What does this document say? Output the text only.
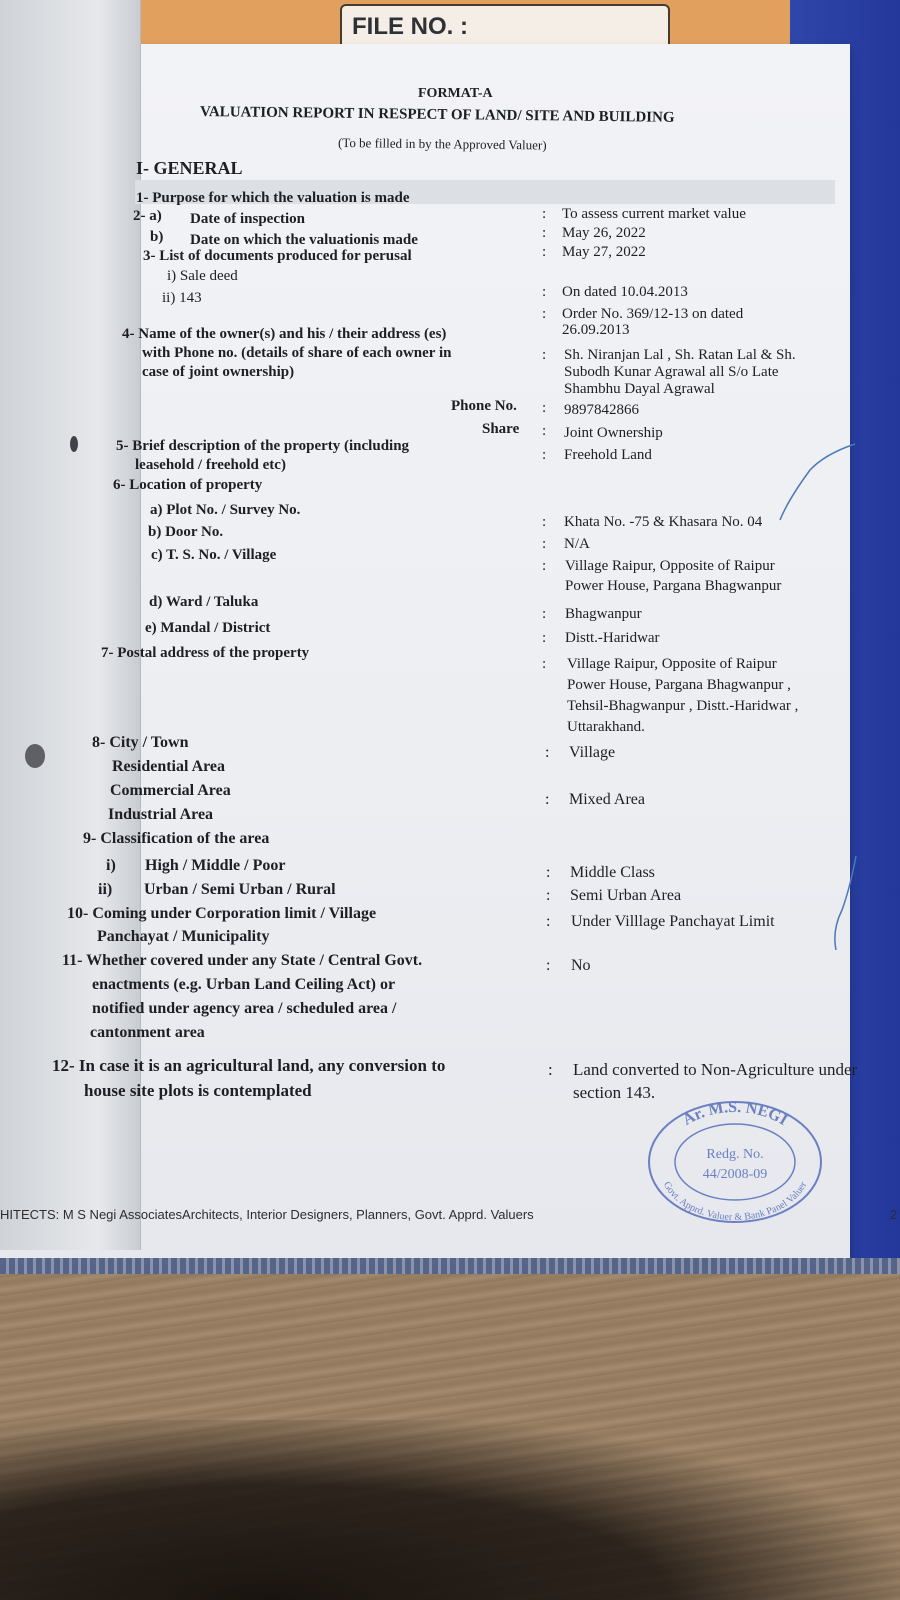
FILE NO. :
FORMAT-A
VALUATION REPORT IN RESPECT OF LAND/ SITE AND BUILDING
(To be filled in by the Approved Valuer)
I- GENERAL
1- Purpose for which the valuation is made
: To assess current market value
2- a) Date of inspection
: May 26, 2022
b) Date on which the valuationis made
: May 27, 2022
3- List of documents produced for perusal
i) Sale deed
: On dated 10.04.2013
ii) 143
: Order No. 369/12-13 on dated
26.09.2013
4- Name of the owner(s) and his / their address (es)
with Phone no. (details of share of each owner in
case of joint ownership)
: Sh. Niranjan Lal , Sh. Ratan Lal & Sh.
Subodh Kunar Agrawal all S/o Late
Shambhu Dayal Agrawal
Phone No. : 9897842866
Share : Joint Ownership
5- Brief description of the property (including
leasehold / freehold etc)
: Freehold Land
6- Location of property
a) Plot No. / Survey No.
: Khata No. -75 & Khasara No. 04
b) Door No.
: N/A
c) T. S. No. / Village
: Village Raipur, Opposite of Raipur
Power House, Pargana Bhagwanpur
d) Ward / Taluka
: Bhagwanpur
e) Mandal / District
: Distt.-Haridwar
7- Postal address of the property
: Village Raipur, Opposite of Raipur
Power House, Pargana Bhagwanpur ,
Tehsil-Bhagwanpur , Distt.-Haridwar ,
Uttarakhand.
8- City / Town
: Village
Residential Area
Commercial Area
: Mixed Area
Industrial Area
9- Classification of the area
i) High / Middle / Poor	: Middle Class
ii) Urban / Semi Urban / Rural	: Semi Urban Area
10- Coming under Corporation limit / Village
Panchayat / Municipality
: Under Villlage Panchayat Limit
11- Whether covered under any State / Central Govt.
enactments (e.g. Urban Land Ceiling Act) or
notified under agency area / scheduled area /
cantonment area
: No
12- In case it is an agricultural land, any conversion to
house site plots is contemplated
: Land converted to Non-Agriculture under
section 143.
Ar. M.S. NEGI
Govt. Apprd. Valuer & Bank Panel Valuer
Redg. No.
44/2008-09
HITECTS: M S Negi AssociatesArchitects, Interior Designers, Planners, Govt. Apprd. Valuers	2
